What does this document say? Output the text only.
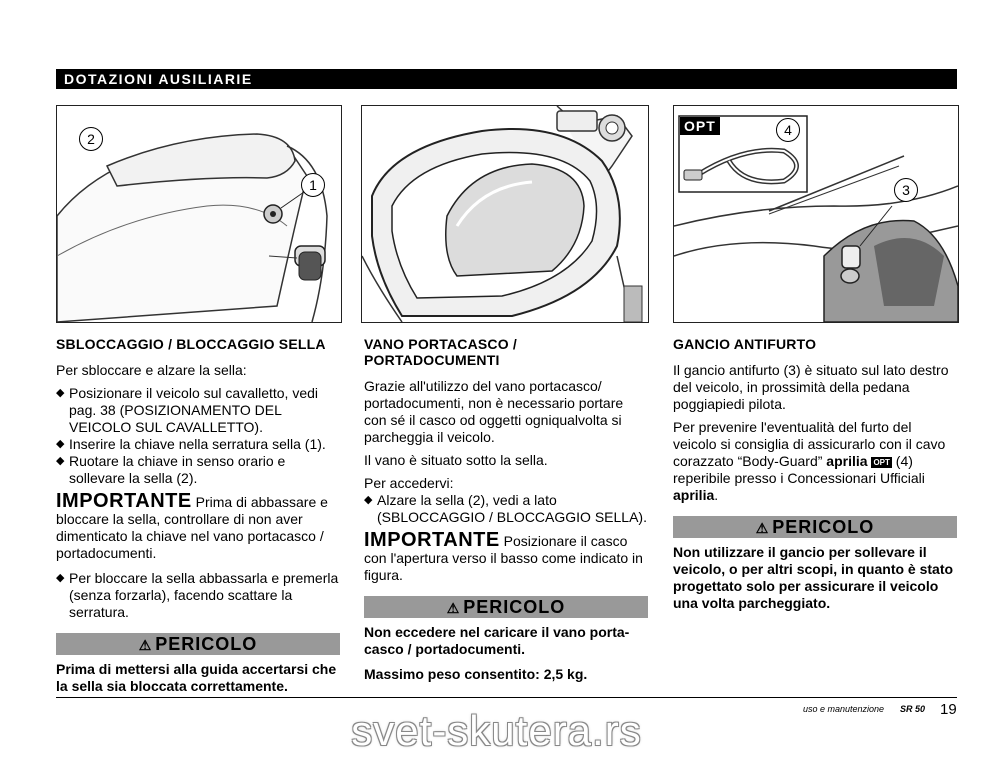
DOTAZIONI AUSILIARIE
2
1
OPT	4
3
SBLOCCAGGIO / BLOCCAGGIO SELLA
Per sbloccare e alzare la sella:
◆ Posizionare il veicolo sul cavalletto, vedi pag. 38 (POSIZIONAMENTO DEL VEICOLO SUL CAVALLETTO).
◆ Inserire la chiave nella serratura sella (1).
◆ Ruotare la chiave in senso orario e sollevare la sella (2).
IMPORTANTE Prima di abbassare e bloccare la sella, controllare di non aver dimenticato la chiave nel vano portacasco / portadocumenti.
◆ Per bloccare la sella abbassarla e premerla (senza forzarla), facendo scattare la serratura.
⚠ PERICOLO
Prima di mettersi alla guida accertarsi che la sella sia bloccata correttamente.
VANO PORTACASCO / PORTADOCUMENTI
Grazie all'utilizzo del vano portacasco/ portadocumenti, non è necessario portare con sé il casco od oggetti ogniqualvolta si parcheggia il veicolo.
Il vano è situato sotto la sella.
Per accedervi:
◆ Alzare la sella (2), vedi a lato (SBLOCCAGGIO / BLOCCAGGIO SELLA).
IMPORTANTE Posizionare il casco con l'apertura verso il basso come indicato in figura.
⚠ PERICOLO
Non eccedere nel caricare il vano porta-casco / portadocumenti.
Massimo peso consentito: 2,5 kg.
GANCIO ANTIFURTO
Il gancio antifurto (3) è situato sul lato destro del veicolo, in prossimità della pedana poggiapiedi pilota.
Per prevenire l'eventualità del furto del veicolo si consiglia di assicurarlo con il cavo corazzato “Body-Guard” aprilia OPT (4) reperibile presso i Concessionari Ufficiali aprilia.
⚠ PERICOLO
Non utilizzare il gancio per sollevare il veicolo, o per altri scopi, in quanto è stato progettato solo per assicurare il veicolo una volta parcheggiato.
uso e manutenzione SR 50 19
svet-skutera.rs
